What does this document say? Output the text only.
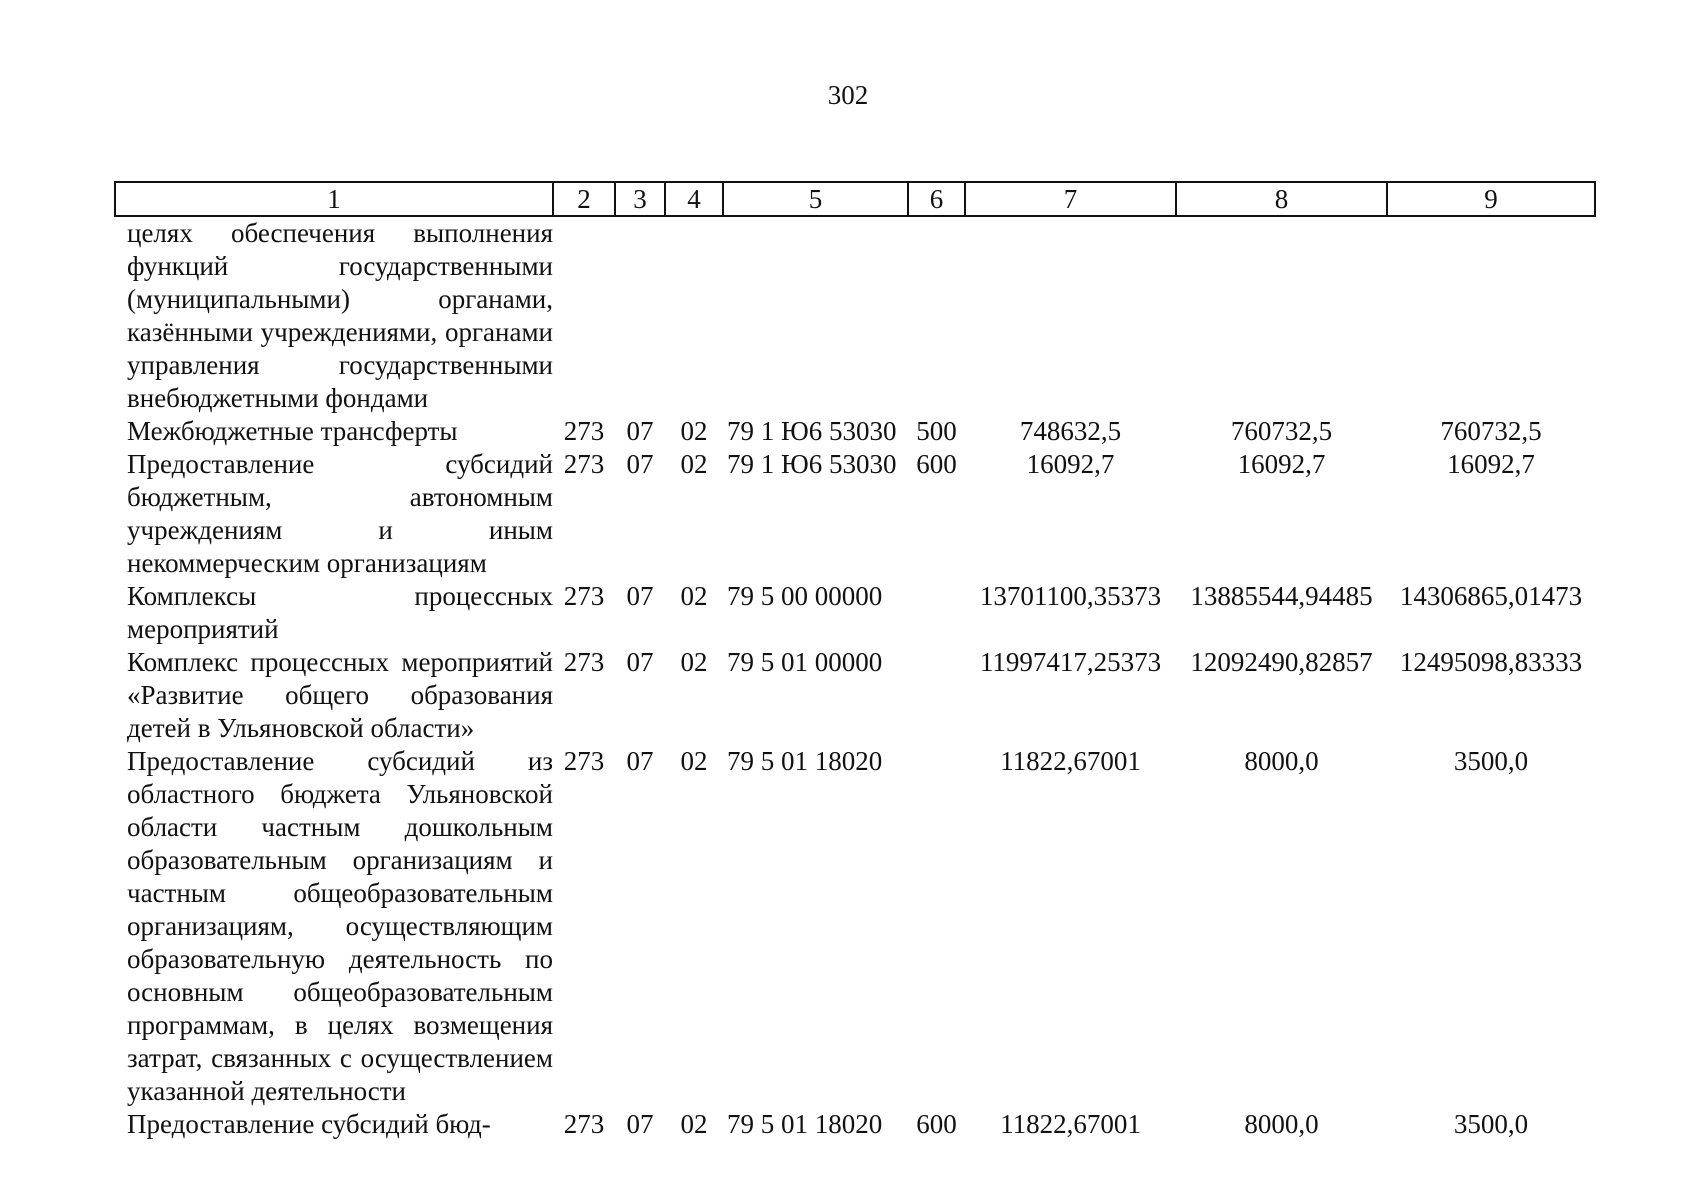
302
1	2	3	4	5	6	7	8	9
целях обеспечения выполнения функций государственными (муниципальными) органами, казёнными учреждениями, органами управления государственными внебюджетными фондами								
Межбюджетные трансферты	273	07	02	79 1 Ю6 53030	500	748632,5	760732,5	760732,5
Предоставление субсидий бюджетным, автономным учреждениям и иным некоммерческим организациям	273	07	02	79 1 Ю6 53030	600	16092,7	16092,7	16092,7
Комплексы процессных мероприятий	273	07	02	79 5 00 00000		13701100,35373	13885544,94485	14306865,01473
Комплекс процессных мероприятий «Развитие общего образования детей в Ульяновской области»	273	07	02	79 5 01 00000		11997417,25373	12092490,82857	12495098,83333
Предоставление субсидий из областного бюджета Ульяновской области частным дошкольным образовательным организациям и частным общеобразовательным организациям, осуществляющим образовательную деятельность по основным общеобразовательным программам, в целях возмещения затрат, связанных с осуществлением указанной деятельности	273	07	02	79 5 01 18020		11822,67001	8000,0	3500,0
Предоставление субсидий бюд-	273	07	02	79 5 01 18020	600	11822,67001	8000,0	3500,0
